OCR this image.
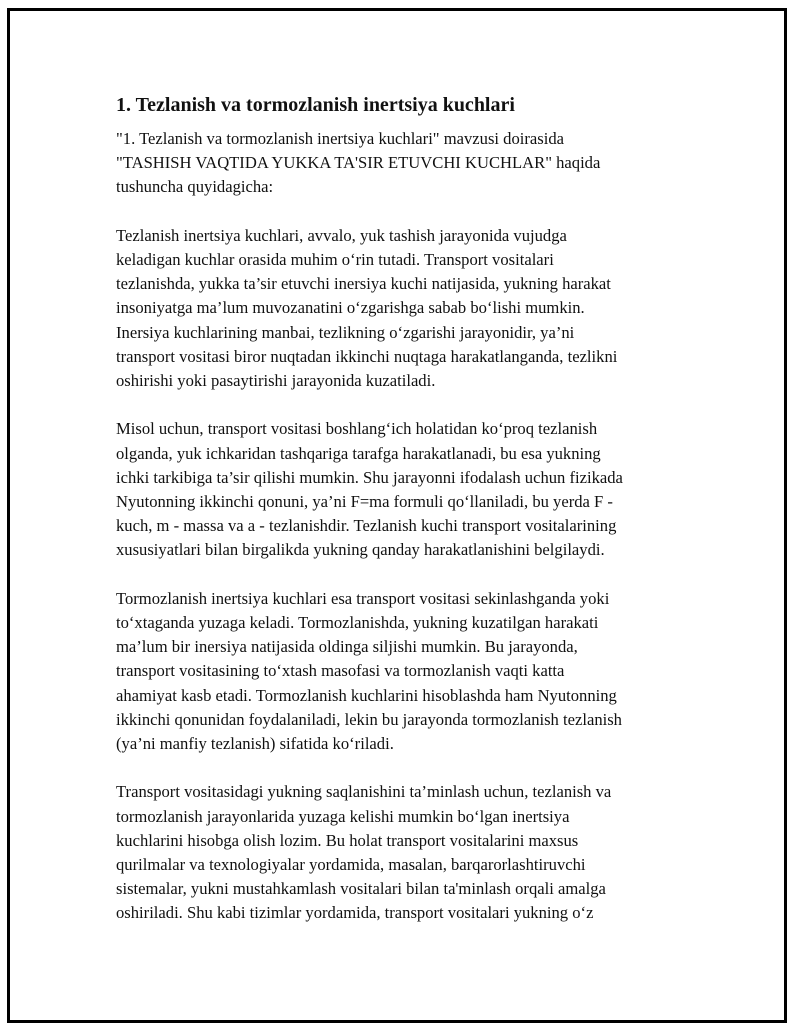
1. Tezlanish va tormozlanish inertsiya kuchlari

"1. Tezlanish va tormozlanish inertsiya kuchlari" mavzusi doirasida
"TASHISH VAQTIDA YUKKA TA'SIR ETUVCHI KUCHLAR" haqida
tushuncha quyidagicha:

Tezlanish inertsiya kuchlari, avvalo, yuk tashish jarayonida vujudga
keladigan kuchlar orasida muhim o‘rin tutadi. Transport vositalari
tezlanishda, yukka ta’sir etuvchi inersiya kuchi natijasida, yukning harakat
insoniyatga ma’lum muvozanatini o‘zgarishga sabab bo‘lishi mumkin.
Inersiya kuchlarining manbai, tezlikning o‘zgarishi jarayonidir, ya’ni
transport vositasi biror nuqtadan ikkinchi nuqtaga harakatlanganda, tezlikni
oshirishi yoki pasaytirishi jarayonida kuzatiladi.

Misol uchun, transport vositasi boshlang‘ich holatidan ko‘proq tezlanish
olganda, yuk ichkaridan tashqariga tarafga harakatlanadi, bu esa yukning
ichki tarkibiga ta’sir qilishi mumkin. Shu jarayonni ifodalash uchun fizikada
Nyutonning ikkinchi qonuni, ya’ni F=ma formuli qo‘llaniladi, bu yerda F -
kuch, m - massa va a - tezlanishdir. Tezlanish kuchi transport vositalarining
xususiyatlari bilan birgalikda yukning qanday harakatlanishini belgilaydi.

Tormozlanish inertsiya kuchlari esa transport vositasi sekinlashganda yoki
to‘xtaganda yuzaga keladi. Tormozlanishda, yukning kuzatilgan harakati
ma’lum bir inersiya natijasida oldinga siljishi mumkin. Bu jarayonda,
transport vositasining to‘xtash masofasi va tormozlanish vaqti katta
ahamiyat kasb etadi. Tormozlanish kuchlarini hisoblashda ham Nyutonning
ikkinchi qonunidan foydalaniladi, lekin bu jarayonda tormozlanish tezlanish
(ya’ni manfiy tezlanish) sifatida ko‘riladi.

Transport vositasidagi yukning saqlanishini ta’minlash uchun, tezlanish va
tormozlanish jarayonlarida yuzaga kelishi mumkin bo‘lgan inertsiya
kuchlarini hisobga olish lozim. Bu holat transport vositalarini maxsus
qurilmalar va texnologiyalar yordamida, masalan, barqarorlashtiruvchi
sistemalar, yukni mustahkamlash vositalari bilan ta'minlash orqali amalga
oshiriladi. Shu kabi tizimlar yordamida, transport vositalari yukning o‘z
